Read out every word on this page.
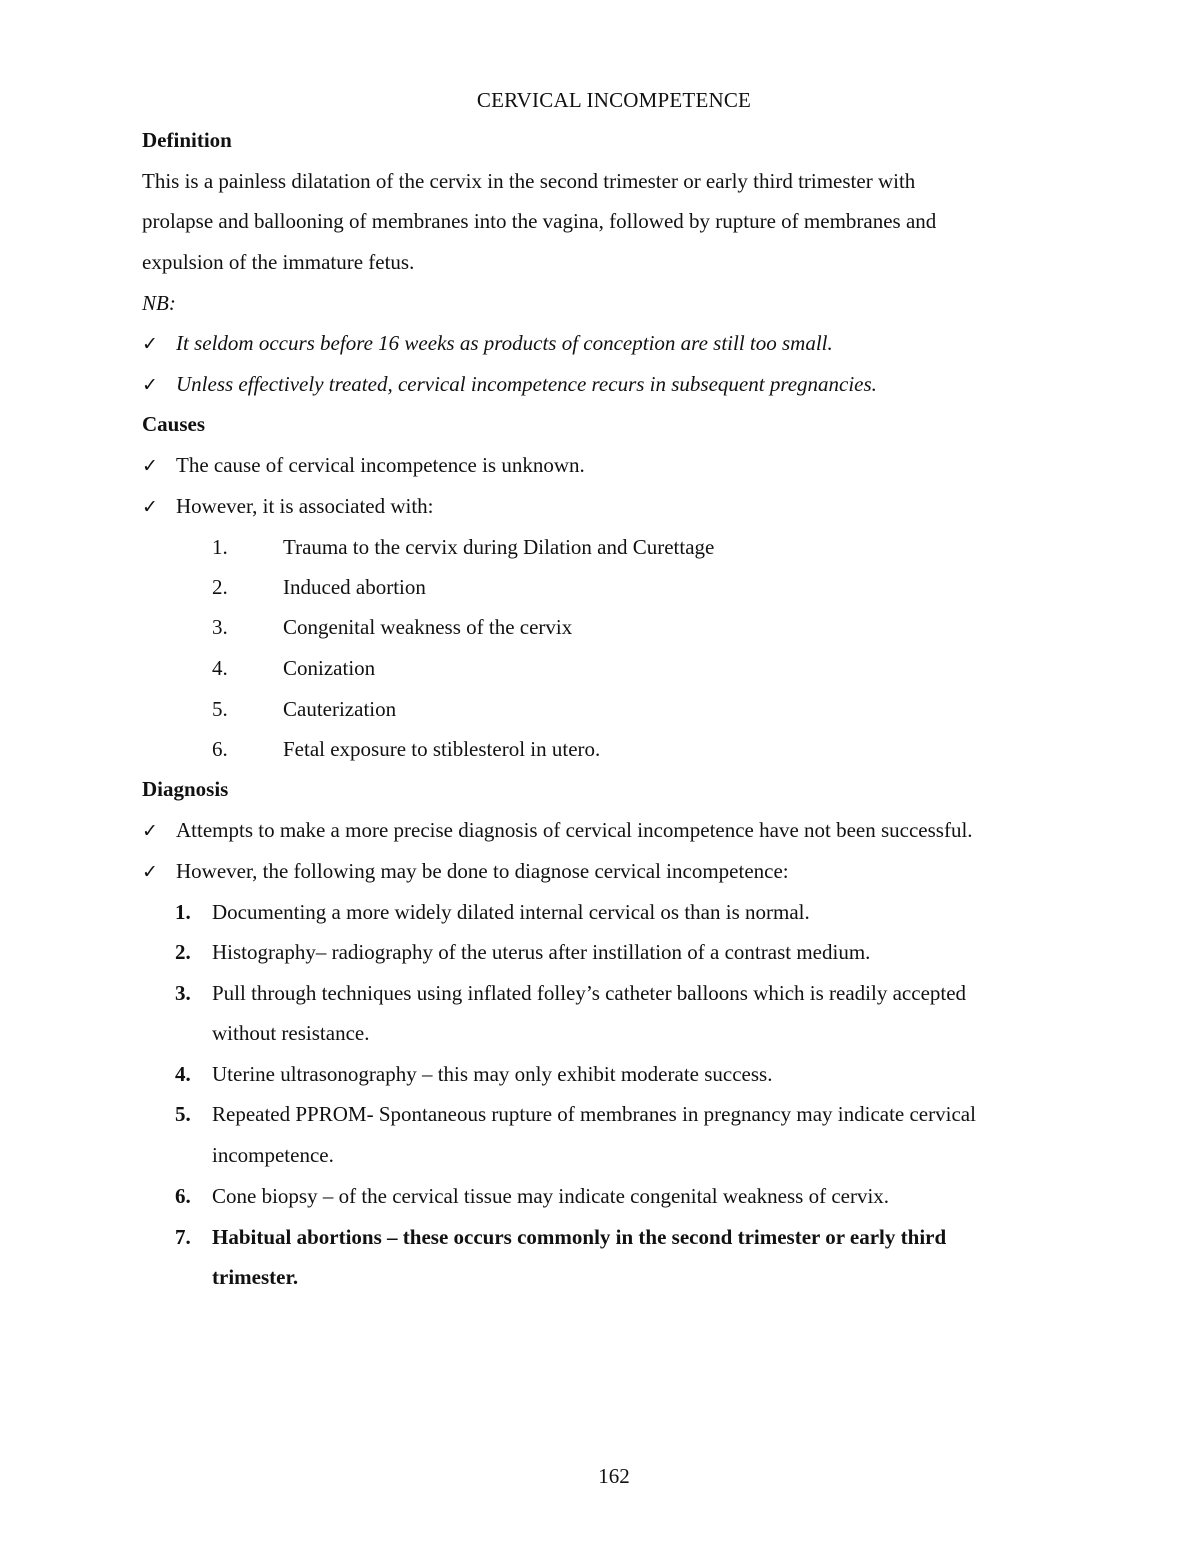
CERVICAL INCOMPETENCE
Definition
This is a painless dilatation of the cervix in the second trimester or early third trimester with
prolapse and ballooning of membranes into the vagina, followed by rupture of membranes and
expulsion of the immature fetus.
NB:
✓ It seldom occurs before 16 weeks as products of conception are still too small.
✓ Unless effectively treated, cervical incompetence recurs in subsequent pregnancies.
Causes
✓ The cause of cervical incompetence is unknown.
✓ However, it is associated with:
1.	Trauma to the cervix during Dilation and Curettage
2.	Induced abortion
3.	Congenital weakness of the cervix
4.	Conization
5.	Cauterization
6.	Fetal exposure to stiblesterol in utero.
Diagnosis
✓ Attempts to make a more precise diagnosis of cervical incompetence have not been successful.
✓ However, the following may be done to diagnose cervical incompetence:
1. Documenting a more widely dilated internal cervical os than is normal.
2. Histography– radiography of the uterus after instillation of a contrast medium.
3. Pull through techniques using inflated folley’s catheter balloons which is readily accepted
without resistance.
4. Uterine ultrasonography – this may only exhibit moderate success.
5. Repeated PPROM- Spontaneous rupture of membranes in pregnancy may indicate cervical
incompetence.
6. Cone biopsy – of the cervical tissue may indicate congenital weakness of cervix.
7. Habitual abortions – these occurs commonly in the second trimester or early third
trimester.
162
